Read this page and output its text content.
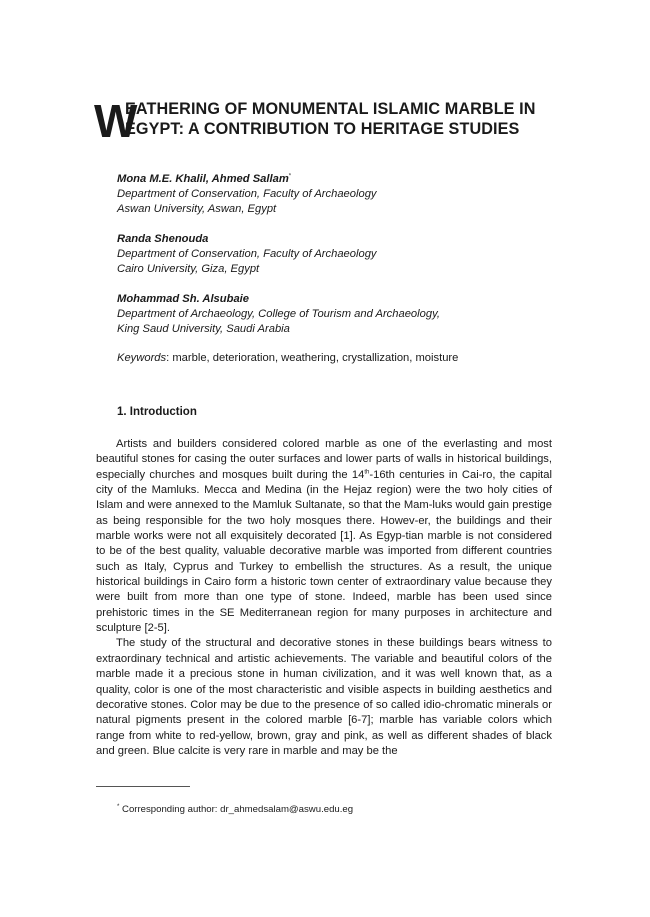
W
EATHERING OF MONUMENTAL ISLAMIC MARBLE IN
EGYPT: A CONTRIBUTION TO HERITAGE STUDIES
Mona M.E. Khalil, Ahmed Sallam*
Department of Conservation, Faculty of Archaeology
Aswan University, Aswan, Egypt
Randa Shenouda
Department of Conservation, Faculty of Archaeology
Cairo University, Giza, Egypt
Mohammad Sh. Alsubaie
Department of Archaeology, College of Tourism and Archaeology,
King Saud University, Saudi Arabia
Keywords: marble, deterioration, weathering, crystallization, moisture
1. Introduction

Artists and builders considered colored marble as one of the everlasting and most beautiful stones for casing the outer surfaces and lower parts of walls in historical buildings, especially churches and mosques built during the 14th-16th centuries in Cai-ro, the capital city of the Mamluks. Mecca and Medina (in the Hejaz region) were the two holy cities of Islam and were annexed to the Mamluk Sultanate, so that the Mam-luks would gain prestige as being responsible for the two holy mosques there. Howev-er, the buildings and their marble works were not all exquisitely decorated [1]. As Egyp-tian marble is not considered to be of the best quality, valuable decorative marble was imported from different countries such as Italy, Cyprus and Turkey to embellish the structures. As a result, the unique historical buildings in Cairo form a historic town center of extraordinary value because they were built from more than one type of stone. Indeed, marble has been used since prehistoric times in the SE Mediterranean region for many purposes in architecture and sculpture [2-5].

The study of the structural and decorative stones in these buildings bears witness to extraordinary technical and artistic achievements. The variable and beautiful colors of the marble made it a precious stone in human civilization, and it was well known that, as a quality, color is one of the most characteristic and visible aspects in building aesthetics and decorative stones. Color may be due to the presence of so called idio-chromatic minerals or natural pigments present in the colored marble [6-7]; marble has variable colors which range from white to red-yellow, brown, gray and pink, as well as different shades of black and green. Blue calcite is very rare in marble and may be the

* Corresponding author: dr_ahmedsalam@aswu.edu.eg
